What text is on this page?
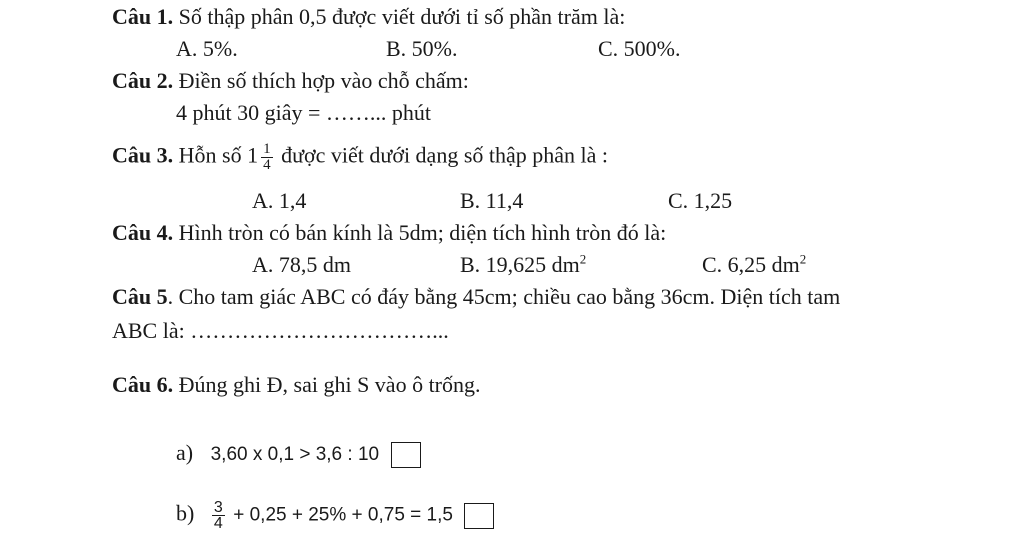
Câu 1. Số thập phân 0,5 được viết dưới tỉ số phần trăm là:
A. 5%.	B. 50%.	C. 500%.
Câu 2. Điền số thích hợp vào chỗ chấm:
4 phút 30 giây = ……... phút
Câu 3. Hỗn số $1 \frac{1}{4}$ được viết dưới dạng số thập phân là :
A. 1,4	B. 11,4	C. 1,25
Câu 4. Hình tròn có bán kính là 5dm; diện tích hình tròn đó là:
A. 78,5 dm	B. 19,625 $dm^2$	C. 6,25 $dm^2$
Câu 5. Cho tam giác ABC có đáy bằng 45cm; chiều cao bằng 36cm. Diện tích tam
ABC là: ……………………………...
Câu 6. Đúng ghi Đ, sai ghi S vào ô trống.
a) 3,60 x 0,1 > 3,6 : 10
$b) \frac{3}{4} + 0,25 + 25\% + 0,75 = 1,5$
